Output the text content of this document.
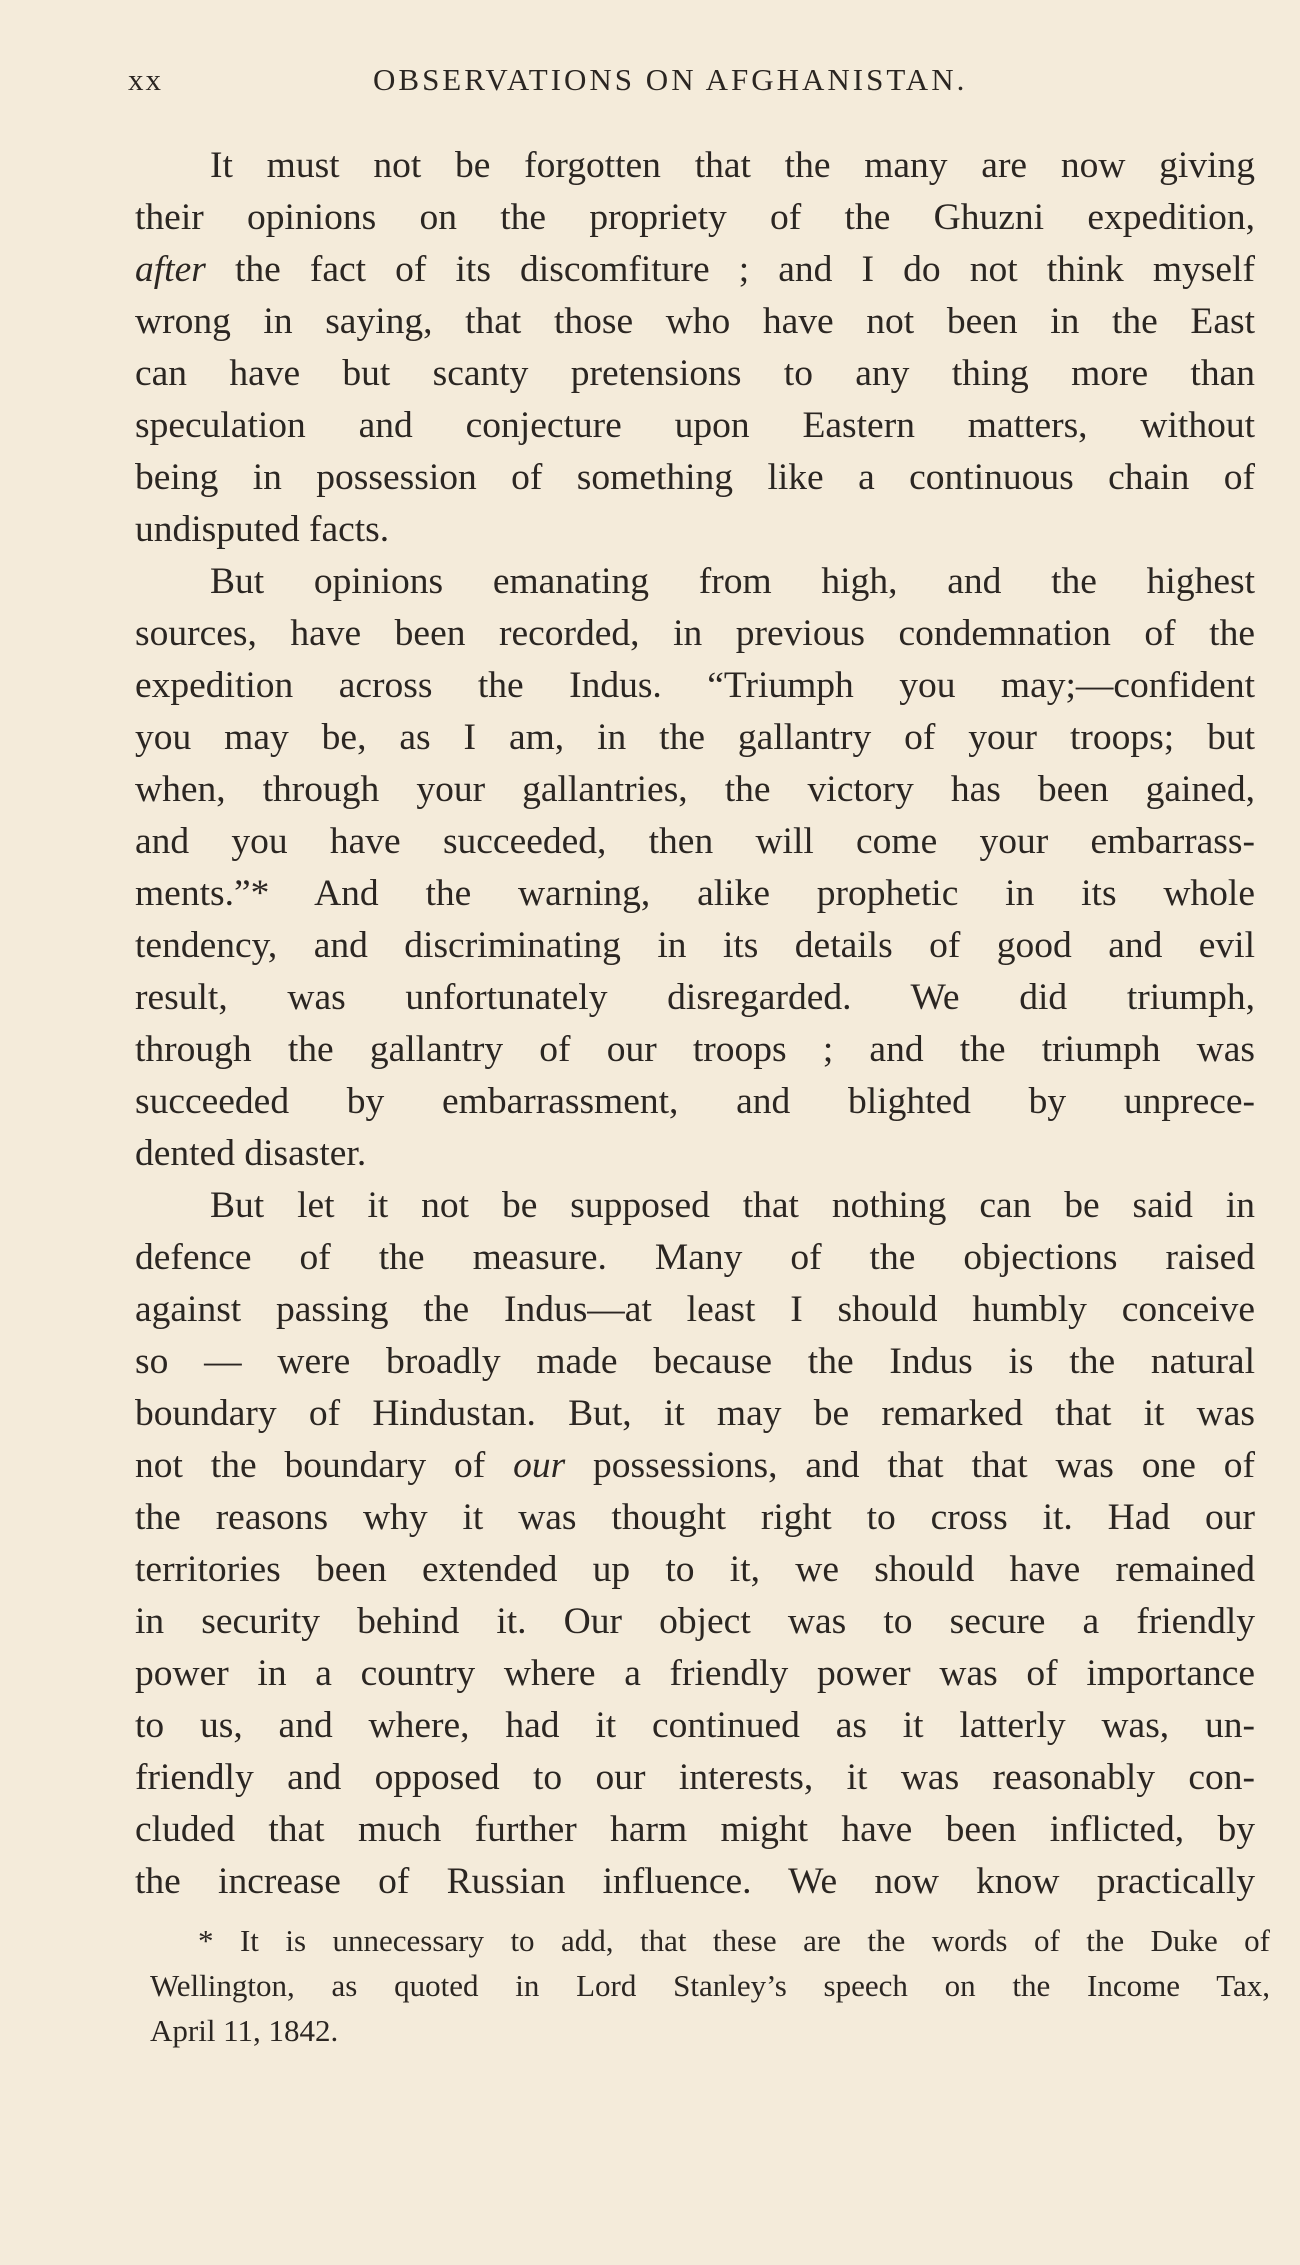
xx	OBSERVATIONS ON AFGHANISTAN.
It must not be forgotten that the many are now giving
their opinions on the propriety of the Ghuzni expedition,
after the fact of its discomfiture ; and I do not think myself
wrong in saying, that those who have not been in the East
can have but scanty pretensions to any thing more than
speculation and conjecture upon Eastern matters, without
being in possession of something like a continuous chain of
undisputed facts.
But opinions emanating from high, and the highest
sources, have been recorded, in previous condemnation of the
expedition across the Indus. “Triumph you may;—confident
you may be, as I am, in the gallantry of your troops; but
when, through your gallantries, the victory has been gained,
and you have succeeded, then will come your embarrass-
ments.”* And the warning, alike prophetic in its whole
tendency, and discriminating in its details of good and evil
result, was unfortunately disregarded. We did triumph,
through the gallantry of our troops ; and the triumph was
succeeded by embarrassment, and blighted by unprece-
dented disaster.
But let it not be supposed that nothing can be said in
defence of the measure. Many of the objections raised
against passing the Indus—at least I should humbly conceive
so — were broadly made because the Indus is the natural
boundary of Hindustan. But, it may be remarked that it was
not the boundary of our possessions, and that that was one of
the reasons why it was thought right to cross it. Had our
territories been extended up to it, we should have remained
in security behind it. Our object was to secure a friendly
power in a country where a friendly power was of importance
to us, and where, had it continued as it latterly was, un-
friendly and opposed to our interests, it was reasonably con-
cluded that much further harm might have been inflicted, by
the increase of Russian influence. We now know practically
* It is unnecessary to add, that these are the words of the Duke of
Wellington, as quoted in Lord Stanley’s speech on the Income Tax,
April 11, 1842.
